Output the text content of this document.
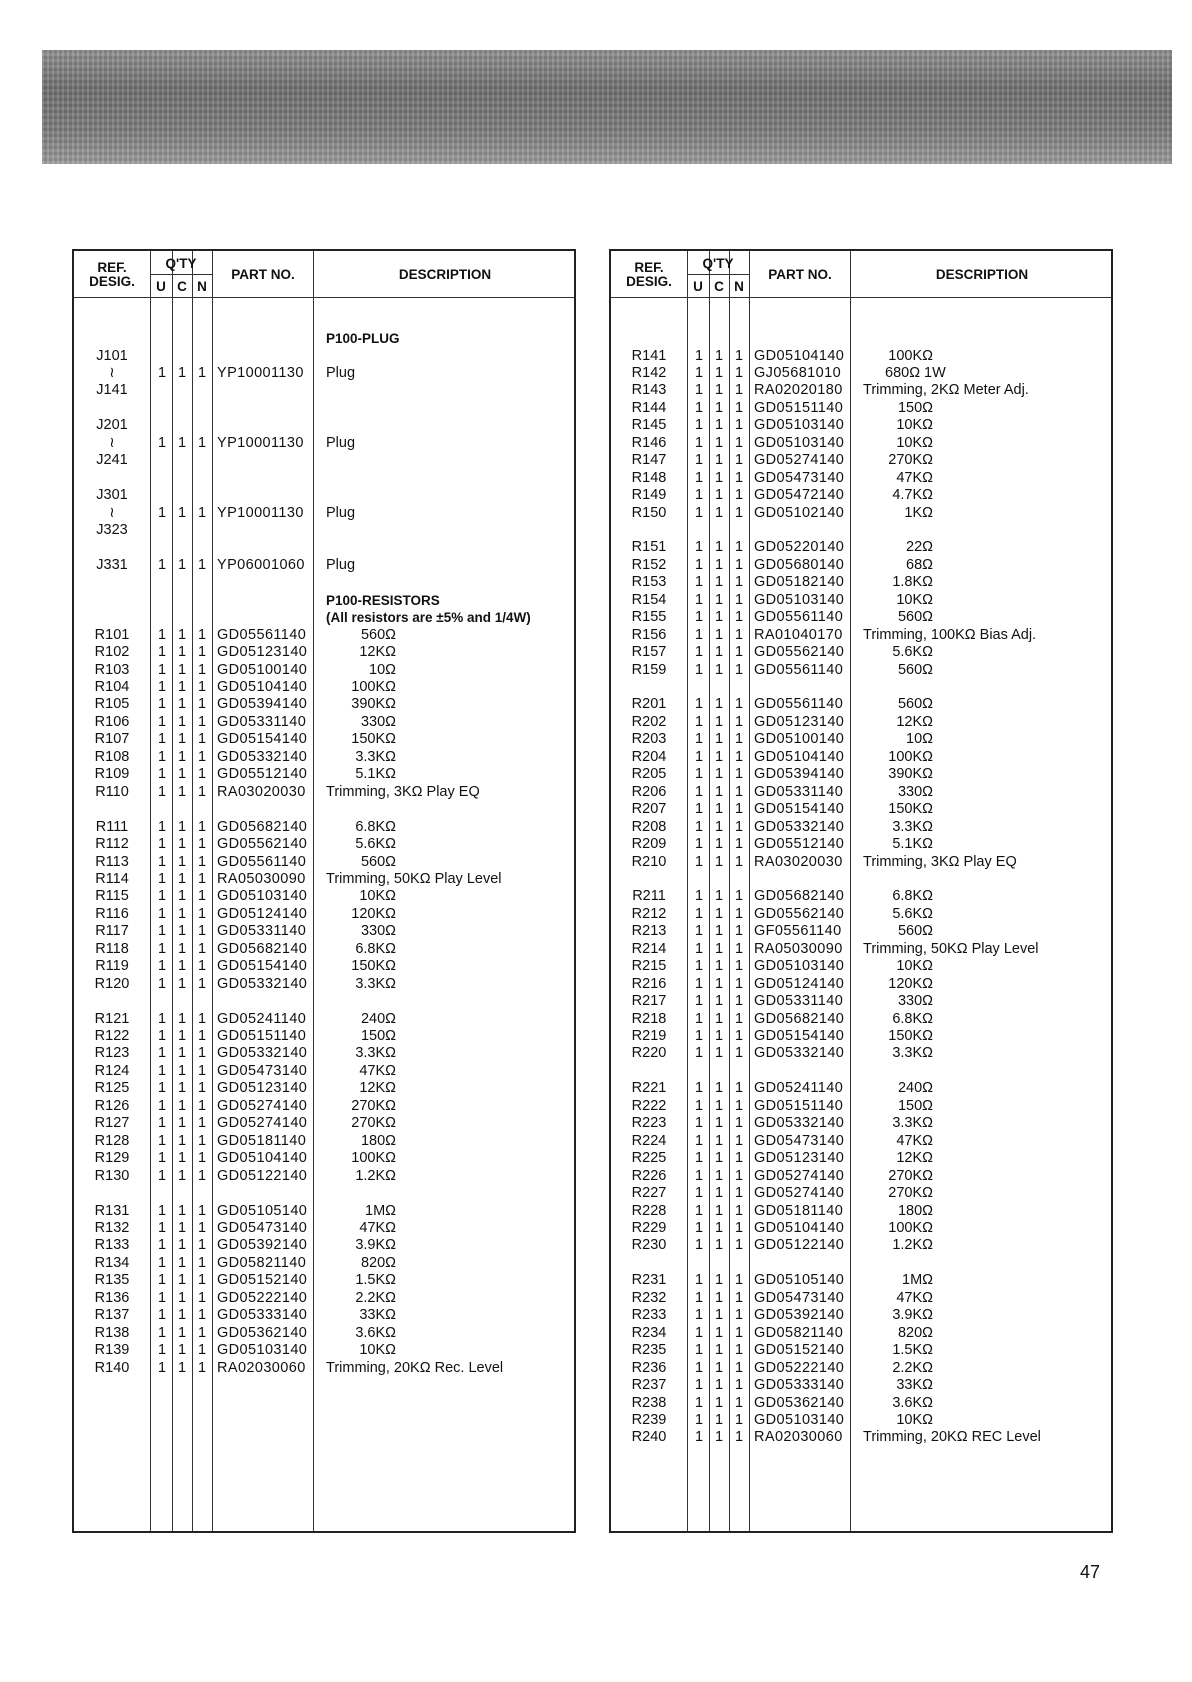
REF.
DESIG.
Q'TY
U C N
PART NO.	DESCRIPTION
P100-PLUG
J101
≀	1 1 1 YP10001130 Plug
J141
J201
≀	1 1 1 YP10001130 Plug
J241
J301
≀	1 1 1 YP10001130 Plug
J323
J331	1 1 1 YP06001060 Plug
P100-RESISTORS
(All resistors are ±5% and 1/4W)
R101	1 1 1 GD05561140	560Ω
R102	1 1 1 GD05123140	12KΩ
R103	1 1 1 GD05100140	10Ω
R104	1 1 1 GD05104140	100KΩ
R105	1 1 1 GD05394140	390KΩ
R106	1 1 1 GD05331140	330Ω
R107	1 1 1 GD05154140	150KΩ
R108	1 1 1 GD05332140	3.3KΩ
R109	1 1 1 GD05512140	5.1KΩ
R110	1 1 1 RA03020030 Trimming, 3KΩ Play EQ
R111	1 1 1 GD05682140	6.8KΩ
R112	1 1 1 GD05562140	5.6KΩ
R113	1 1 1 GD05561140	560Ω
R114	1 1 1 RA05030090 Trimming, 50KΩ Play Level
R115	1 1 1 GD05103140	10KΩ
R116	1 1 1 GD05124140	120KΩ
R117	1 1 1 GD05331140	330Ω
R118	1 1 1 GD05682140	6.8KΩ
R119	1 1 1 GD05154140	150KΩ
R120	1 1 1 GD05332140	3.3KΩ
R121	1 1 1 GD05241140	240Ω
R122	1 1 1 GD05151140	150Ω
R123	1 1 1 GD05332140	3.3KΩ
R124	1 1 1 GD05473140	47KΩ
R125	1 1 1 GD05123140	12KΩ
R126	1 1 1 GD05274140	270KΩ
R127	1 1 1 GD05274140	270KΩ
R128	1 1 1 GD05181140	180Ω
R129	1 1 1 GD05104140	100KΩ
R130	1 1 1 GD05122140	1.2KΩ
R131	1 1 1 GD05105140	1MΩ
R132	1 1 1 GD05473140	47KΩ
R133	1 1 1 GD05392140	3.9KΩ
R134	1 1 1 GD05821140	820Ω
R135	1 1 1 GD05152140	1.5KΩ
R136	1 1 1 GD05222140	2.2KΩ
R137	1 1 1 GD05333140	33KΩ
R138	1 1 1 GD05362140	3.6KΩ
R139	1 1 1 GD05103140	10KΩ
R140	1 1 1 RA02030060 Trimming, 20KΩ Rec. Level
REF.
DESIG.
Q'TY
U C N
PART NO.	DESCRIPTION
R141	1 1 1 GD05104140	100KΩ
R142	1 1 1 GJ05681010	680Ω 1W
R143	1 1 1 RA02020180 Trimming, 2KΩ Meter Adj.
R144	1 1 1 GD05151140	150Ω
R145	1 1 1 GD05103140	10KΩ
R146	1 1 1 GD05103140	10KΩ
R147	1 1 1 GD05274140	270KΩ
R148	1 1 1 GD05473140	47KΩ
R149	1 1 1 GD05472140	4.7KΩ
R150	1 1 1 GD05102140	1KΩ
R151	1 1 1 GD05220140	22Ω
R152	1 1 1 GD05680140	68Ω
R153	1 1 1 GD05182140	1.8KΩ
R154	1 1 1 GD05103140	10KΩ
R155	1 1 1 GD05561140	560Ω
R156	1 1 1 RA01040170 Trimming, 100KΩ Bias Adj.
R157	1 1 1 GD05562140	5.6KΩ
R159	1 1 1 GD05561140	560Ω
R201	1 1 1 GD05561140	560Ω
R202	1 1 1 GD05123140	12KΩ
R203	1 1 1 GD05100140	10Ω
R204	1 1 1 GD05104140	100KΩ
R205	1 1 1 GD05394140	390KΩ
R206	1 1 1 GD05331140	330Ω
R207	1 1 1 GD05154140	150KΩ
R208	1 1 1 GD05332140	3.3KΩ
R209	1 1 1 GD05512140	5.1KΩ
R210	1 1 1 RA03020030 Trimming, 3KΩ Play EQ
R211	1 1 1 GD05682140	6.8KΩ
R212	1 1 1 GD05562140	5.6KΩ
R213	1 1 1 GF05561140	560Ω
R214	1 1 1 RA05030090 Trimming, 50KΩ Play Level
R215	1 1 1 GD05103140	10KΩ
R216	1 1 1 GD05124140	120KΩ
R217	1 1 1 GD05331140	330Ω
R218	1 1 1 GD05682140	6.8KΩ
R219	1 1 1 GD05154140	150KΩ
R220	1 1 1 GD05332140	3.3KΩ
R221	1 1 1 GD05241140	240Ω
R222	1 1 1 GD05151140	150Ω
R223	1 1 1 GD05332140	3.3KΩ
R224	1 1 1 GD05473140	47KΩ
R225	1 1 1 GD05123140	12KΩ
R226	1 1 1 GD05274140	270KΩ
R227	1 1 1 GD05274140	270KΩ
R228	1 1 1 GD05181140	180Ω
R229	1 1 1 GD05104140	100KΩ
R230	1 1 1 GD05122140	1.2KΩ
R231	1 1 1 GD05105140	1MΩ
R232	1 1 1 GD05473140	47KΩ
R233	1 1 1 GD05392140	3.9KΩ
R234	1 1 1 GD05821140	820Ω
R235	1 1 1 GD05152140	1.5KΩ
R236	1 1 1 GD05222140	2.2KΩ
R237	1 1 1 GD05333140	33KΩ
R238	1 1 1 GD05362140	3.6KΩ
R239	1 1 1 GD05103140	10KΩ
R240	1 1 1 RA02030060 Trimming, 20KΩ REC Level
47
